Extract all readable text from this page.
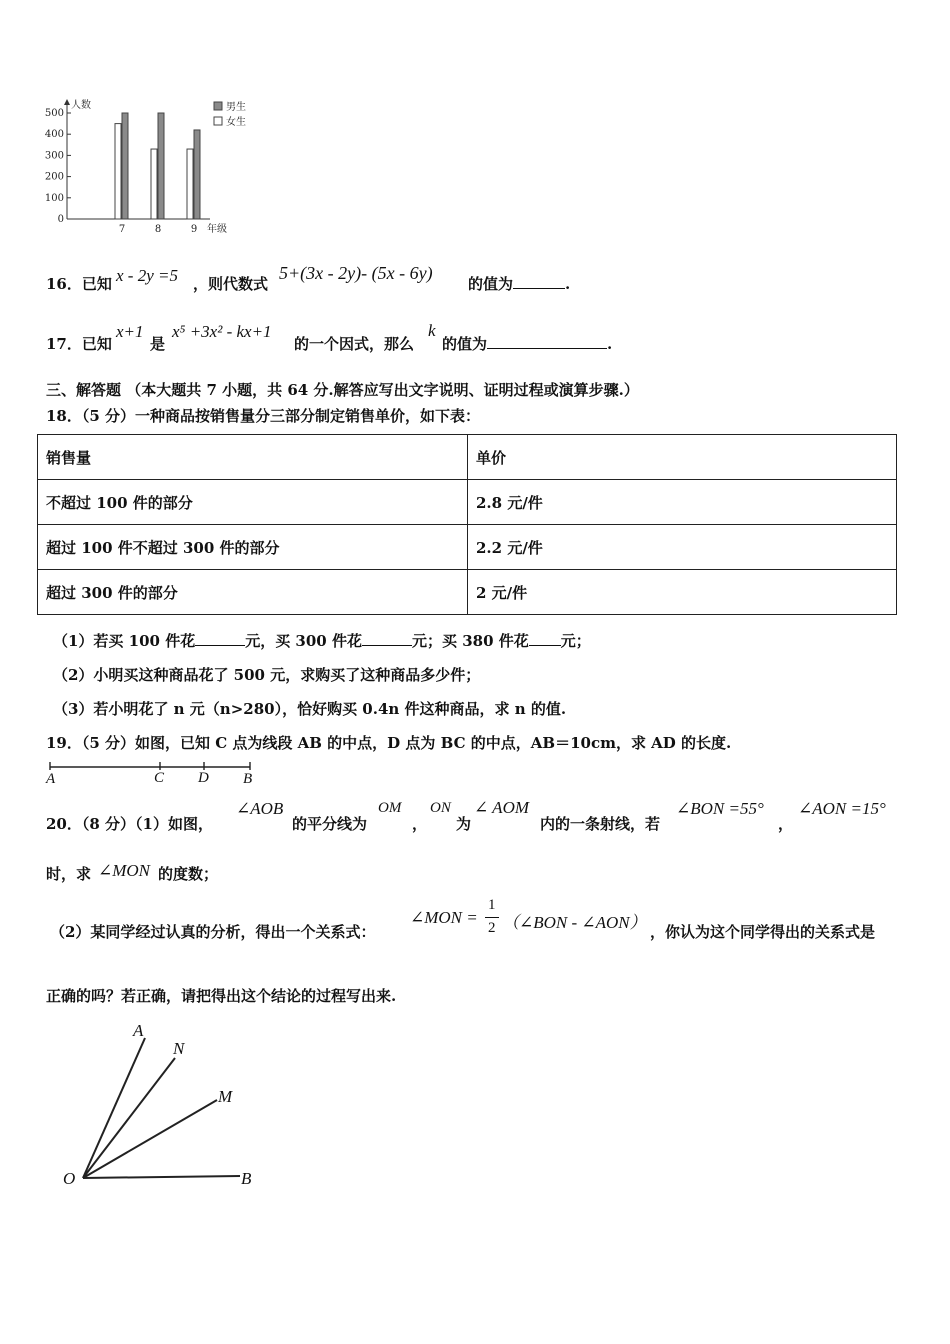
0
100
200
300
400
500
人数
7	8	9 年级
男生
女生
16．已知 x - 2y =5 ，则代数式
5+(3x - 2y)- (5x - 6y)
的值为	.
17．已知
x+1
是
x⁵ +3x² - kx+1
的一个因式，那么
k
的值为	.
三、解答题 （本大题共 7 小题，共 64 分.解答应写出文字说明、证明过程或演算步骤.）
18．（5 分）一种商品按销售量分三部分制定销售单价，如下表：
销售量	单价
不超过 100 件的部分	2.8 元/件
超过 100 件不超过 300 件的部分	2.2 元/件
超过 300 件的部分	2 元/件
（1）若买 100 件花	元，买 300 件花	元；买 380 件花 元；
（2）小明买这种商品花了 500 元，求购买了这种商品多少件；
（3）若小明花了 n 元（n>280），恰好购买 0.4n 件这种商品，求 n 的值.
19．（5 分）如图，已知 C 点为线段 AB 的中点，D 点为 BC 的中点，AB＝10cm，求 AD 的长度.
A	C D B
20．（8 分）（1）如图，
∠AOB
的平分线为
OM
，
ON
为
∠ AOM
内的一条射线，若
∠BON =55°
，
∠AON =15°
时，求 ∠MON 的度数；
（2）某同学经过认真的分析，得出一个关系式：
∠MON =
1
2 （∠BON - ∠AON） ，你认为这个同学得出的关系式是
正确的吗？若正确，请把得出这个结论的过程写出来.
A
N
M
O	B
